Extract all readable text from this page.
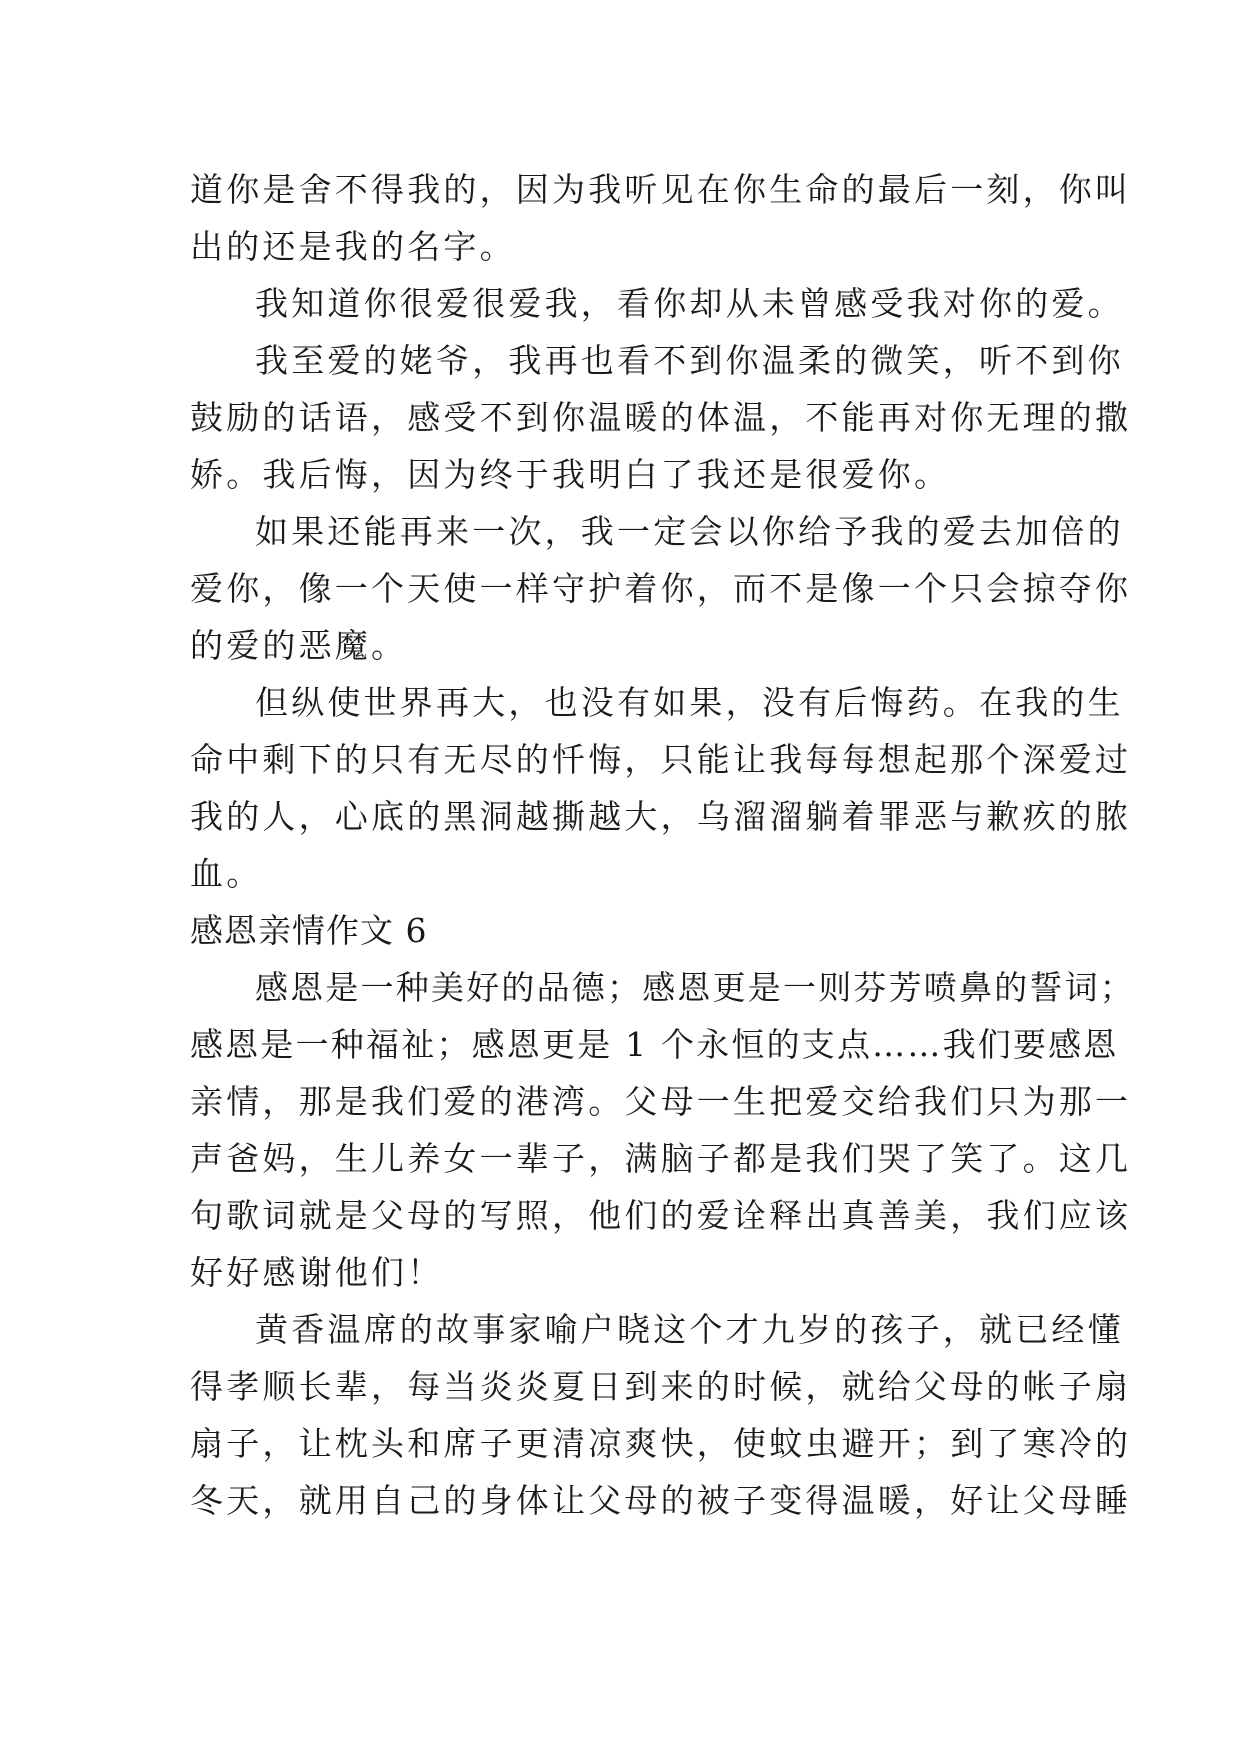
道你是舍不得我的，因为我听见在你生命的最后一刻，你叫
出的还是我的名字。
我知道你很爱很爱我，看你却从未曾感受我对你的爱。
我至爱的姥爷，我再也看不到你温柔的微笑，听不到你
鼓励的话语，感受不到你温暖的体温，不能再对你无理的撒
娇。我后悔，因为终于我明白了我还是很爱你。
如果还能再来一次，我一定会以你给予我的爱去加倍的
爱你，像一个天使一样守护着你，而不是像一个只会掠夺你
的爱的恶魔。
但纵使世界再大，也没有如果，没有后悔药。在我的生
命中剩下的只有无尽的忏悔，只能让我每每想起那个深爱过
我的人，心底的黑洞越撕越大，乌溜溜躺着罪恶与歉疚的脓
血。
感恩亲情作文 6
感恩是一种美好的品德；感恩更是一则芬芳喷鼻的誓词；
感恩是一种福祉；感恩更是 1 个永恒的支点……我们要感恩
亲情，那是我们爱的港湾。父母一生把爱交给我们只为那一
声爸妈，生儿养女一辈子，满脑子都是我们哭了笑了。这几
句歌词就是父母的写照，他们的爱诠释出真善美，我们应该
好好感谢他们！
黄香温席的故事家喻户晓这个才九岁的孩子，就已经懂
得孝顺长辈，每当炎炎夏日到来的时候，就给父母的帐子扇
扇子，让枕头和席子更清凉爽快，使蚊虫避开；到了寒冷的
冬天，就用自己的身体让父母的被子变得温暖，好让父母睡
